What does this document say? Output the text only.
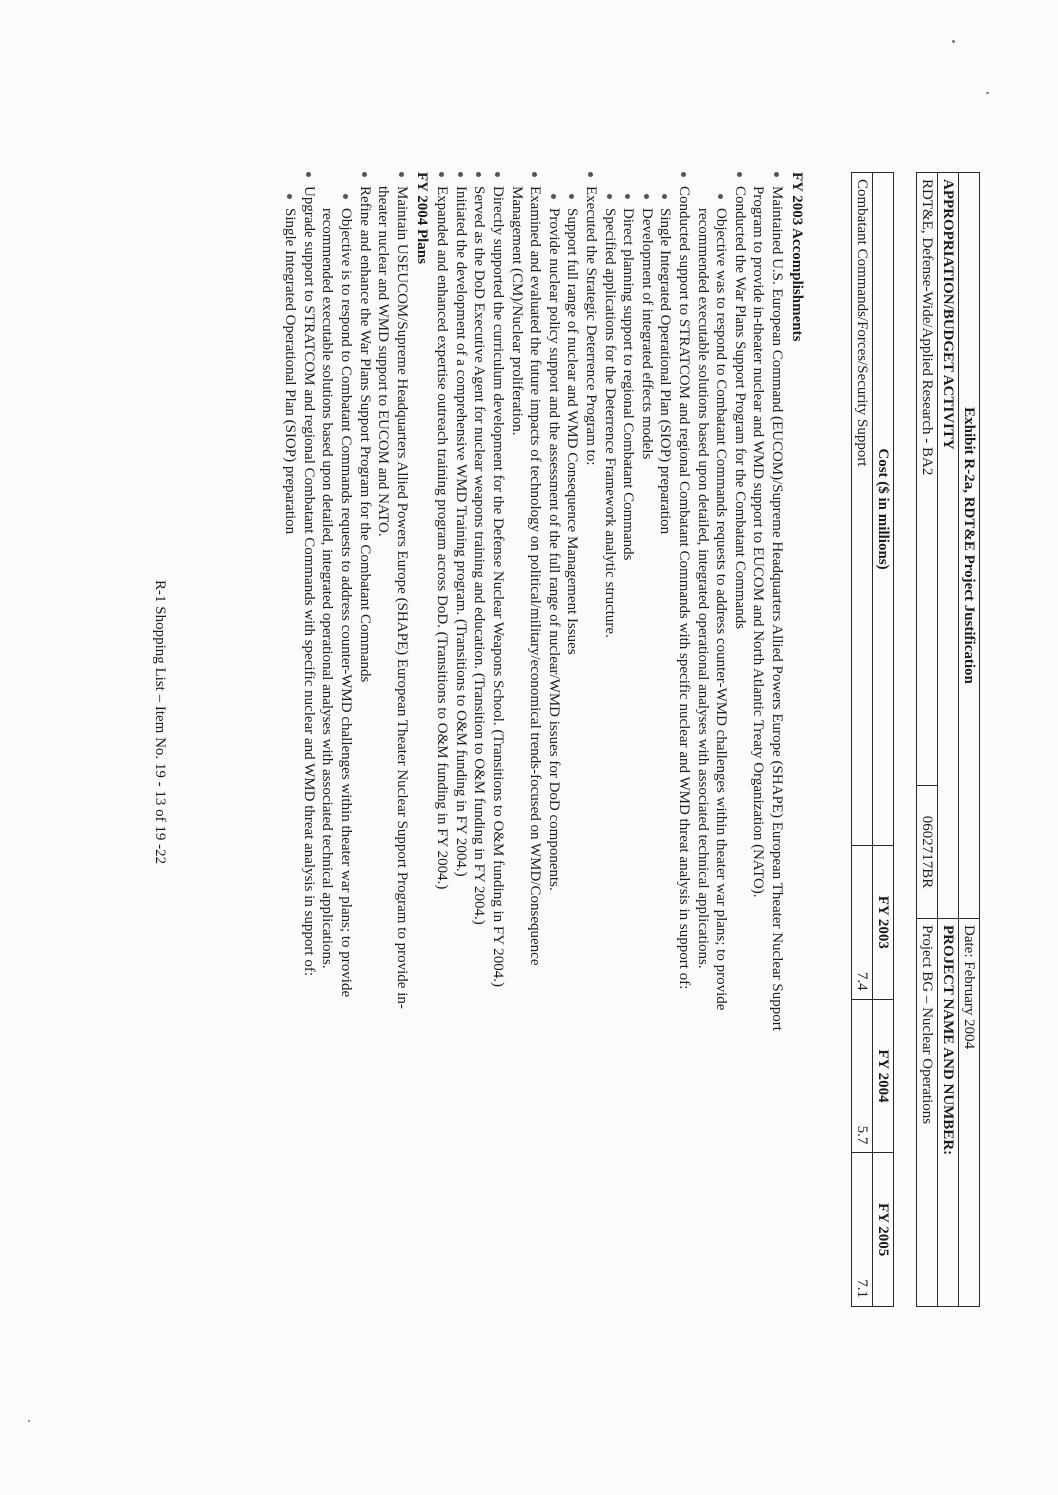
Exhibit R-2a, RDT&E Project Justification		Date: February 2004
APPROPRIATION/BUDGET ACTIVITY		PROJECT NAME AND NUMBER:
RDT&E, Defense-Wide/Applied Research - BA2	0602717BR	Project BG – Nuclear Operations
Cost ($ in millions)	FY 2003	FY 2004	FY 2005
Combatant Commands/Forces/Security Support	7.4	5.7	7.1
FY 2003 Accomplishments
Maintained U.S. European Command (EUCOM)/Supreme Headquarters Allied Powers Europe (SHAPE) European Theater Nuclear Support
Program to provide in-theater nuclear and WMD support to EUCOM and North Atlantic Treaty Organization (NATO).
Conducted the War Plans Support Program for the Combatant Commands
Objective was to respond to Combatant Commands requests to address counter-WMD challenges within theater war plans; to provide
recommended executable solutions based upon detailed, integrated operational analyses with associated technical applications.
Conducted support to STRATCOM and regional Combatant Commands with specific nuclear and WMD threat analysis in support of:
Single Integrated Operational Plan (SIOP) preparation
Development of integrated effects models
Direct planning support to regional Combatant Commands
Specified applications for the Deterrence Framework analytic structure.
Executed the Strategic Deterrence Program to:
Support full range of nuclear and WMD Consequence Management Issues
Provide nuclear policy support and the assessment of the full range of nuclear/WMD issues for DoD components.
Examined and evaluated the future impacts of technology on political/military/economical trends-focused on WMD/Consequence
Management (CM)/Nuclear proliferation.
Directly supported the curriculum development for the Defense Nuclear Weapons School. (Transitions to O&M funding in FY 2004.)
Served as the DoD Executive Agent for nuclear weapons training and education. (Transition to O&M funding in FY 2004.)
Initiated the development of a comprehensive WMD Training program. (Transitions to O&M funding in FY 2004.)
Expanded and enhanced expertise outreach training program across DoD. (Transitions to O&M funding in FY 2004.)
FY 2004 Plans
Maintain USEUCOM/Supreme Headquarters Allied Powers Europe (SHAPE) European Theater Nuclear Support Program to provide in-
theater nuclear and WMD support to EUCOM and NATO.
Refine and enhance the War Plans Support Program for the Combatant Commands
Objective is to respond to Combatant Commands requests to address counter-WMD challenges within theater war plans; to provide
recommended executable solutions based upon detailed, integrated operational analyses with associated technical applications.
Upgrade support to STRATCOM and regional Combatant Commands with specific nuclear and WMD threat analysis in support of:
Single Integrated Operational Plan (SIOP) preparation
R-1 Shopping List – Item No. 19 - 13 of 19 -22
